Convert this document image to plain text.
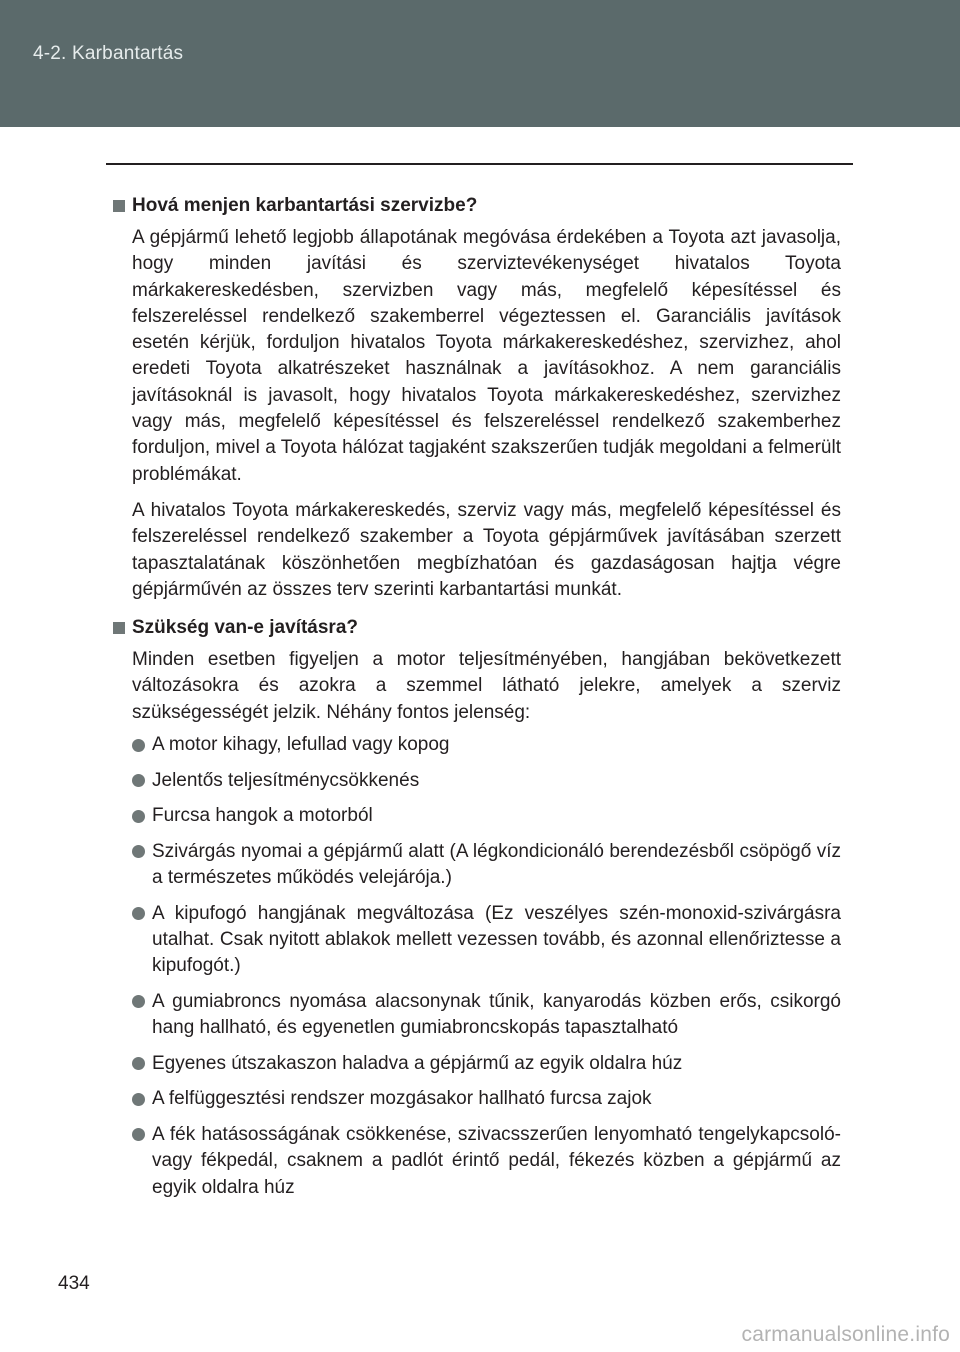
4-2. Karbantartás
Hová menjen karbantartási szervizbe?

A gépjármű lehető legjobb állapotának megóvása érdekében a Toyota azt javasolja, hogy minden javítási és szerviztevékenységet hivatalos Toyota márkakereskedésben, szervizben vagy más, megfelelő képesítéssel és felszereléssel rendelkező szakemberrel végeztessen el. Garanciális javítások esetén kérjük, forduljon hivatalos Toyota márkakereskedéshez, szervizhez, ahol eredeti Toyota alkatrészeket használnak a javításokhoz. A nem garanciális javításoknál is javasolt, hogy hivatalos Toyota márkakereskedéshez, szervizhez vagy más, megfelelő képesítéssel és felszereléssel rendelkező szakemberhez forduljon, mivel a Toyota hálózat tagjaként szakszerűen tudják megoldani a felmerült problémákat.

A hivatalos Toyota márkakereskedés, szerviz vagy más, megfelelő képesítéssel és felszereléssel rendelkező szakember a Toyota gépjárművek javításában szerzett tapasztalatának köszönhetően megbízhatóan és gazdaságosan hajtja végre gépjárművén az összes terv szerinti karbantartási munkát.

Szükség van-e javításra?

Minden esetben figyeljen a motor teljesítményében, hangjában bekövetkezett változásokra és azokra a szemmel látható jelekre, amelyek a szerviz szükségességét jelzik. Néhány fontos jelenség:

A motor kihagy, lefullad vagy kopog
Jelentős teljesítménycsökkenés
Furcsa hangok a motorból
Szivárgás nyomai a gépjármű alatt (A légkondicionáló berendezésből csöpögő víz a természetes működés velejárója.)
A kipufogó hangjának megváltozása (Ez veszélyes szén-monoxid-szivárgásra utalhat. Csak nyitott ablakok mellett vezessen tovább, és azonnal ellenőriztesse a kipufogót.)
A gumiabroncs nyomása alacsonynak tűnik, kanyarodás közben erős, csikorgó hang hallható, és egyenetlen gumiabroncskopás tapasztalható
Egyenes útszakaszon haladva a gépjármű az egyik oldalra húz
A felfüggesztési rendszer mozgásakor hallható furcsa zajok
A fék hatásosságának csökkenése, szivacsszerűen lenyomható tengelykapcsoló- vagy fékpedál, csaknem a padlót érintő pedál, fékezés közben a gépjármű az egyik oldalra húz
434
carmanualsonline.info
